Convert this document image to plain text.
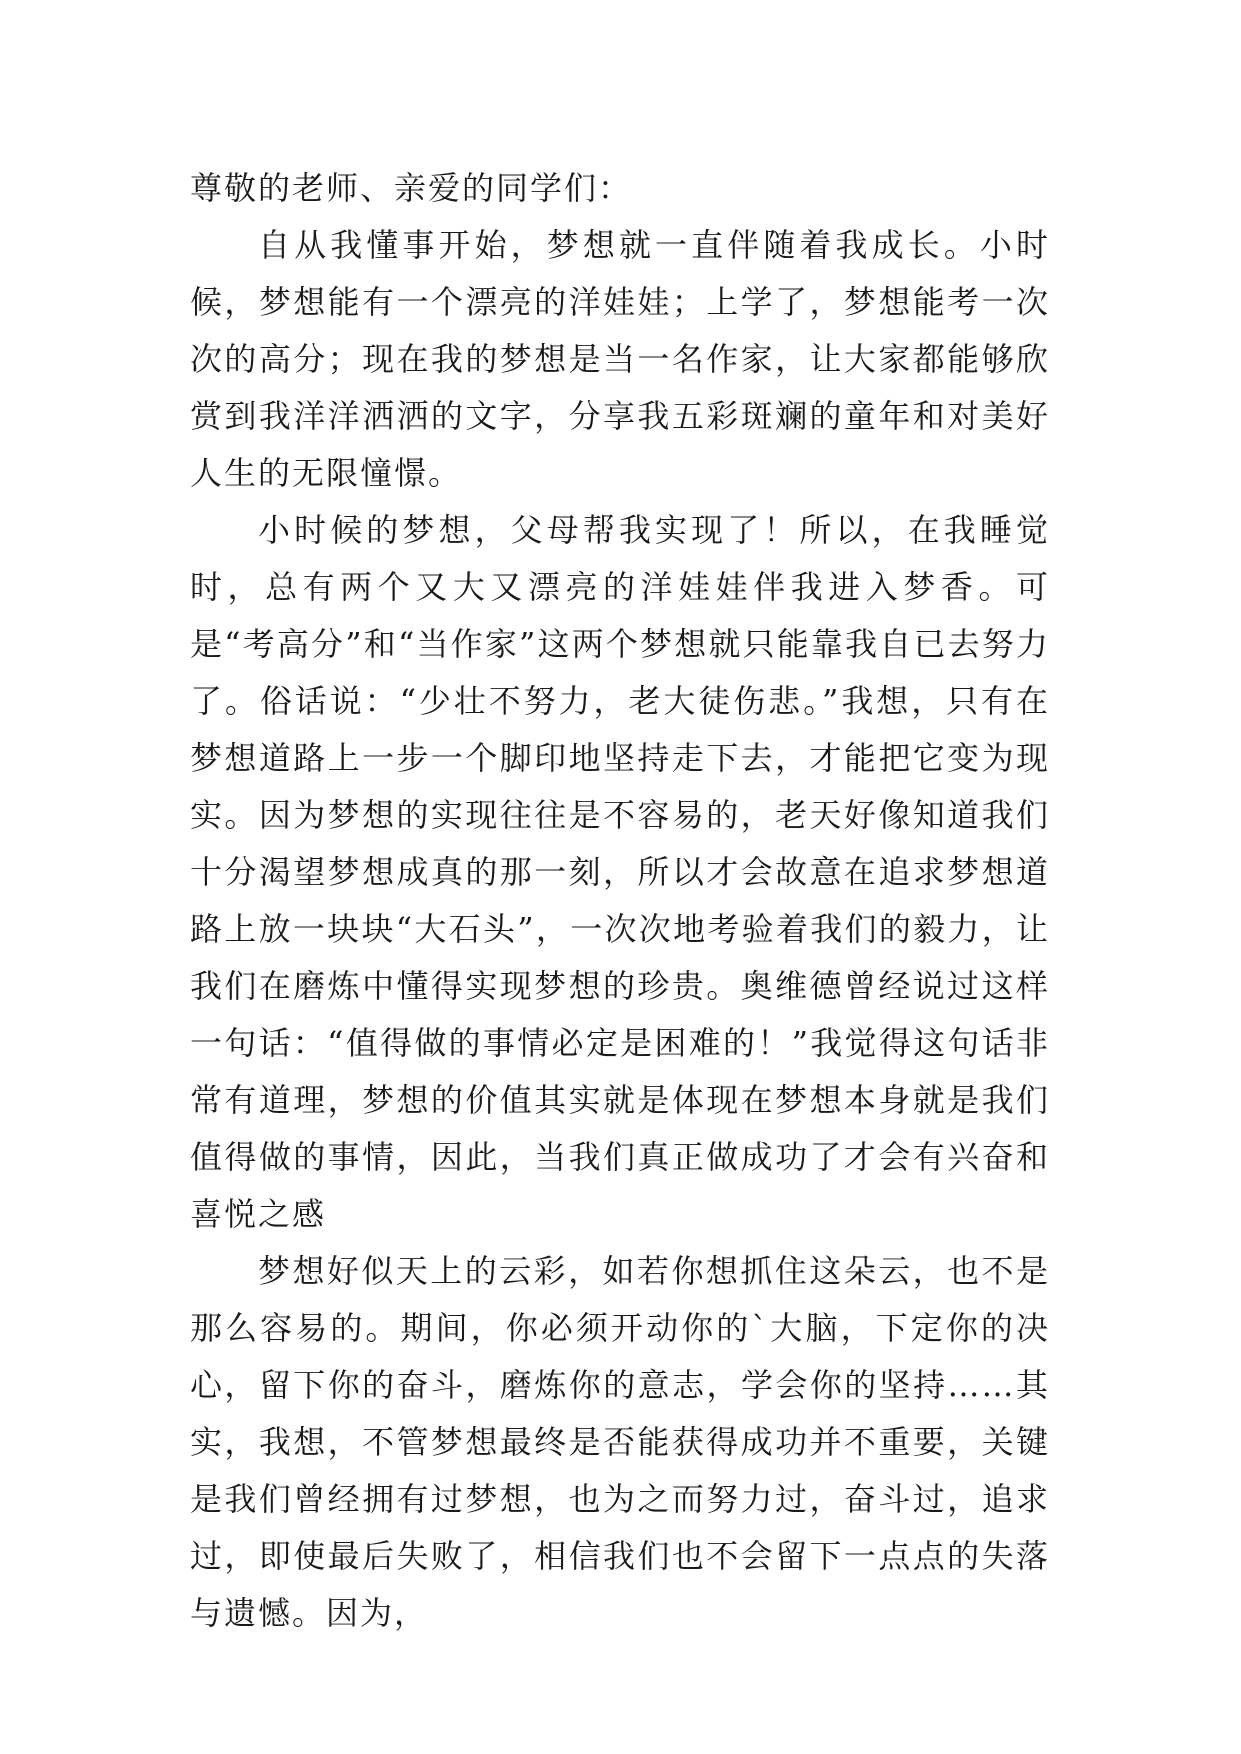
尊敬的老师、亲爱的同学们：

自从我懂事开始，梦想就一直伴随着我成长。小时候，梦想能有一个漂亮的洋娃娃；上学了，梦想能考一次次的高分；现在我的梦想是当一名作家，让大家都能够欣赏到我洋洋洒洒的文字，分享我五彩斑斓的童年和对美好人生的无限憧憬。

小时候的梦想，父母帮我实现了！所以，在我睡觉时，总有两个又大又漂亮的洋娃娃伴我进入梦香。可是“考高分”和“当作家”这两个梦想就只能靠我自已去努力了。俗话说：“少壮不努力，老大徒伤悲。”我想，只有在梦想道路上一步一个脚印地坚持走下去，才能把它变为现实。因为梦想的实现往往是不容易的，老天好像知道我们十分渴望梦想成真的那一刻，所以才会故意在追求梦想道路上放一块块“大石头”，一次次地考验着我们的毅力，让我们在磨炼中懂得实现梦想的珍贵。奥维德曾经说过这样一句话：“值得做的事情必定是困难的！”我觉得这句话非常有道理，梦想的价值其实就是体现在梦想本身就是我们值得做的事情，因此，当我们真正做成功了才会有兴奋和喜悦之感

梦想好似天上的云彩，如若你想抓住这朵云，也不是那么容易的。期间，你必须开动你的`大脑，下定你的决心，留下你的奋斗，磨炼你的意志，学会你的坚持……其实，我想，不管梦想最终是否能获得成功并不重要，关键是我们曾经拥有过梦想，也为之而努力过，奋斗过，追求过，即使最后失败了，相信我们也不会留下一点点的失落与遗憾。因为，
